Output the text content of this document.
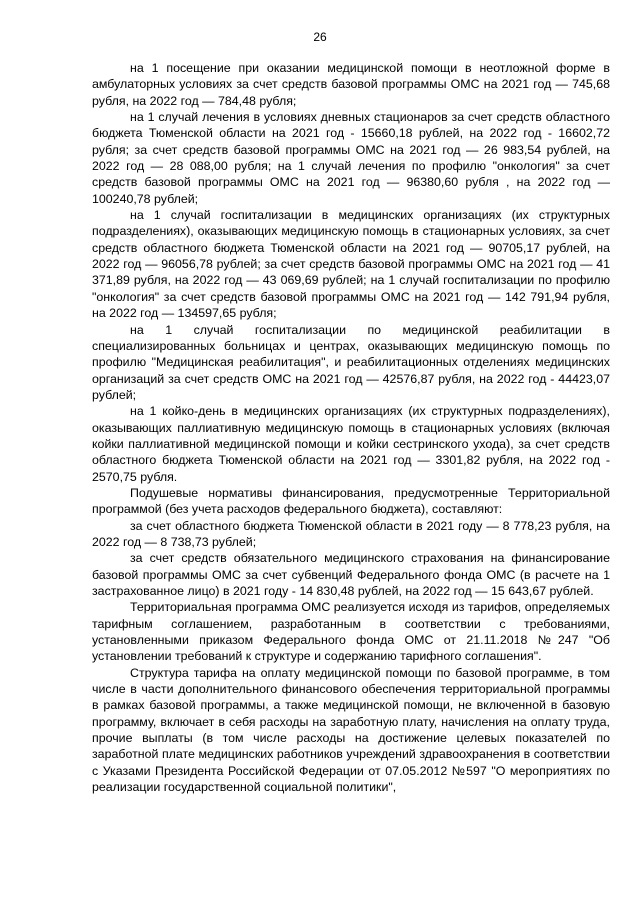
26

на 1 посещение при оказании медицинской помощи в неотложной форме в амбулаторных условиях за счет средств базовой программы ОМС на 2021 год — 745,68 рубля, на 2022 год — 784,48 рубля;

на 1 случай лечения в условиях дневных стационаров за счет средств областного бюджета Тюменской области на 2021 год - 15660,18 рублей, на 2022 год - 16602,72 рубля; за счет средств базовой программы ОМС на 2021 год — 26 983,54 рублей, на 2022 год — 28 088,00 рубля; на 1 случай лечения по профилю "онкология" за счет средств базовой программы ОМС на 2021 год — 96380,60 рубля , на 2022 год — 100240,78 рублей;

на 1 случай госпитализации в медицинских организациях (их структурных подразделениях), оказывающих медицинскую помощь в стационарных условиях, за счет средств областного бюджета Тюменской области на 2021 год — 90705,17 рублей, на 2022 год — 96056,78 рублей; за счет средств базовой программы ОМС на 2021 год — 41 371,89 рубля, на 2022 год — 43 069,69 рублей; на 1 случай госпитализации по профилю "онкология" за счет средств базовой программы ОМС на 2021 год — 142 791,94 рубля, на 2022 год — 134597,65 рубля;

на 1 случай госпитализации по медицинской реабилитации в специализированных больницах и центрах, оказывающих медицинскую помощь по профилю "Медицинская реабилитация", и реабилитационных отделениях медицинских организаций за счет средств ОМС на 2021 год — 42576,87 рубля, на 2022 год - 44423,07 рублей;

на 1 койко-день в медицинских организациях (их структурных подразделениях), оказывающих паллиативную медицинскую помощь в стационарных условиях (включая койки паллиативной медицинской помощи и койки сестринского ухода), за счет средств областного бюджета Тюменской области на 2021 год — 3301,82 рубля, на 2022 год - 2570,75 рубля.

Подушевые нормативы финансирования, предусмотренные Территориальной программой (без учета расходов федерального бюджета), составляют:

за счет областного бюджета Тюменской области в 2021 году — 8 778,23 рубля, на 2022 год — 8 738,73 рублей;

за счет средств обязательного медицинского страхования на финансирование базовой программы ОМС за счет субвенций Федерального фонда ОМС (в расчете на 1 застрахованное лицо) в 2021 году - 14 830,48 рублей, на 2022 год — 15 643,67 рублей.

Территориальная программа ОМС реализуется исходя из тарифов, определяемых тарифным соглашением, разработанным в соответствии с требованиями, установленными приказом Федерального фонда ОМС от 21.11.2018 №247 "Об установлении требований к структуре и содержанию тарифного соглашения".

Структура тарифа на оплату медицинской помощи по базовой программе, в том числе в части дополнительного финансового обеспечения территориальной программы в рамках базовой программы, а также медицинской помощи, не включенной в базовую программу, включает в себя расходы на заработную плату, начисления на оплату труда, прочие выплаты (в том числе расходы на достижение целевых показателей по заработной плате медицинских работников учреждений здравоохранения в соответствии с Указами Президента Российской Федерации от 07.05.2012 №597 "О мероприятиях по реализации государственной социальной политики",
